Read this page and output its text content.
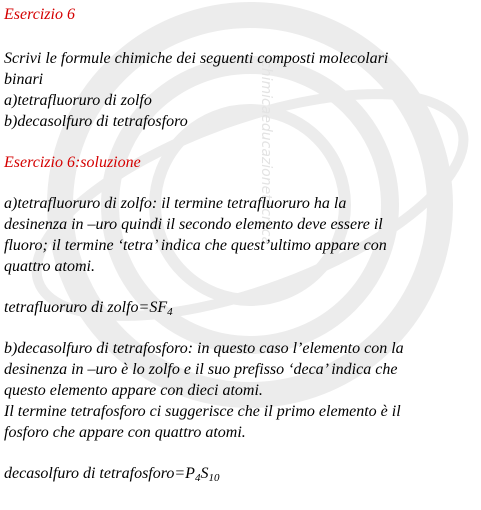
chimicaeducazionetecnica

Esercizio 6

Scrivi le formule chimiche dei seguenti composti molecolari

binari

a)tetrafluoruro di zolfo

b)decasolfuro di tetrafosforo

Esercizio 6:soluzione

a)tetrafluoruro di zolfo: il termine tetrafluoruro ha la

desinenza in –uro quindi il secondo elemento deve essere il

fluoro; il termine ‘tetra’ indica che quest’ultimo appare con

quattro atomi.

tetrafluoruro di $zolfo=SF_4$

b)decasolfuro di tetrafosforo: in questo caso l’elemento con la

desinenza in –uro è lo zolfo e il suo prefisso ‘deca’ indica che

questo elemento appare con dieci atomi.

Il termine tetrafosforo ci suggerisce che il primo elemento è il

fosforo che appare con quattro atomi.

decasolfuro di $tetrafosforo=P_4S_{10}$
